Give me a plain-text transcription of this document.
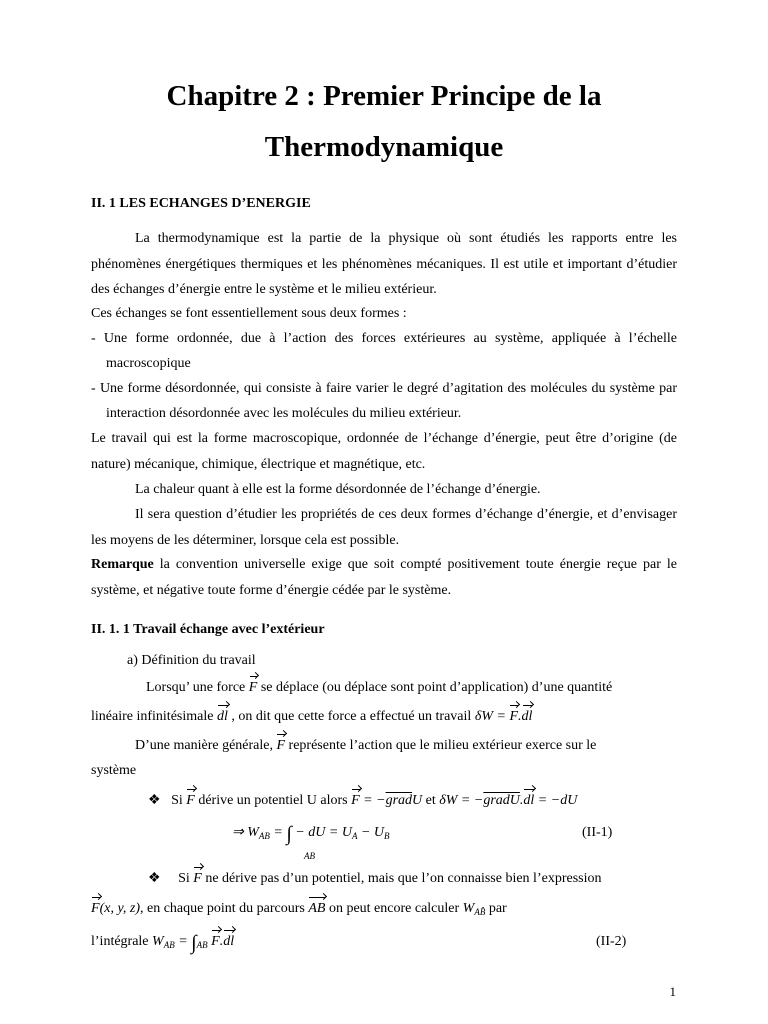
Chapitre 2 : Premier Principe de la
Thermodynamique
II. 1 LES ECHANGES D’ENERGIE
La thermodynamique est la partie de la physique où sont étudiés les rapports entre les phénomènes énergétiques thermiques et les phénomènes mécaniques. Il est utile et important d’étudier des échanges d’énergie entre le système et le milieu extérieur.
Ces échanges se font essentiellement sous deux formes :
- Une forme ordonnée, due à l’action des forces extérieures au système, appliquée à l’échelle macroscopique
- Une forme désordonnée, qui consiste à faire varier le degré d’agitation des molécules du système par interaction désordonnée avec les molécules du milieu extérieur.
Le travail qui est la forme macroscopique, ordonnée de l’échange d’énergie, peut être d’origine (de nature) mécanique, chimique, électrique et magnétique, etc.
La chaleur quant à elle est la forme désordonnée de l’échange d’énergie.
Il sera question d’étudier les propriétés de ces deux formes d’échange d’énergie, et d’envisager les moyens de les déterminer, lorsque cela est possible.
Remarque la convention universelle exige que soit compté positivement toute énergie reçue par le système, et négative toute forme d’énergie cédée par le système.
II. 1. 1 Travail échange avec l’extérieur
a) Définition du travail
Lorsqu’ une force F se déplace (ou déplace sont point d’application) d’une quantité
linéaire infinitésimale dl , on dit que cette force a effectué un travail δW = F.dl
D’une manière générale, F représente l’action que le milieu extérieur exerce sur le
système
❖ Si F dérive un potentiel U alors F = −gradU et δW = −gradU.dl = −dU
⇒ $W_{AB}$ = ∫ − dU = $U_A - U_B$
AB
(II-1)
❖ Si F ne dérive pas d’un potentiel, mais que l’on connaisse bien l’expression
F(x, y, z), en chaque point du parcours AB on peut encore calculer $W_{AB̂}$ par
l’intégrale $W_{AB} = \int_{AB}$ F.dl	(II-2)
1
